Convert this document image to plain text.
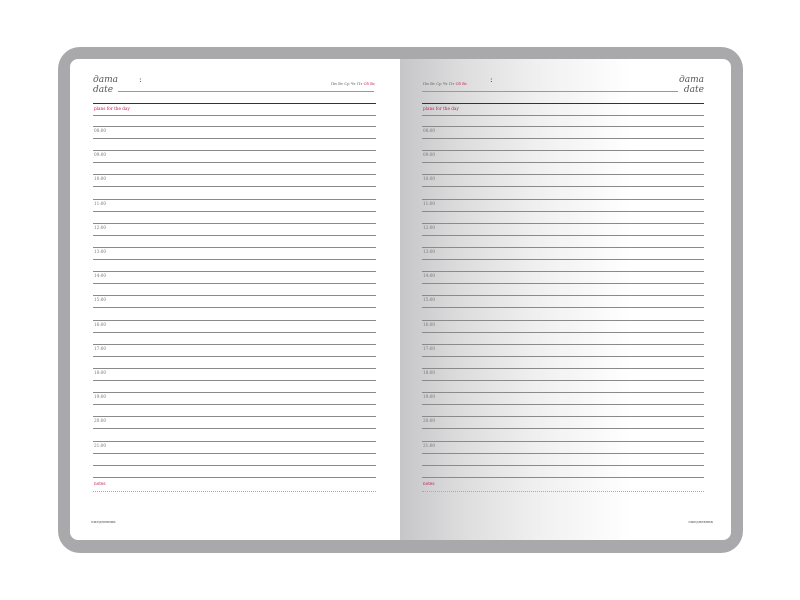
дата
date
:	Пн Вт Ср Чт Пт Сб Вс
plans for the day
08:00
09:00
10:00
11:00
12:00
13:00
14:00
15:00
16:00
17:00
18:00
19:00
20:00
21:00
notes
ежедневник
дата
date
:
Пн Вт Ср Чт Пт Сб Вс
plans for the day
08:00
09:00
10:00
11:00
12:00
13:00
14:00
15:00
16:00
17:00
18:00
19:00
20:00
21:00
notes
ежедневник
